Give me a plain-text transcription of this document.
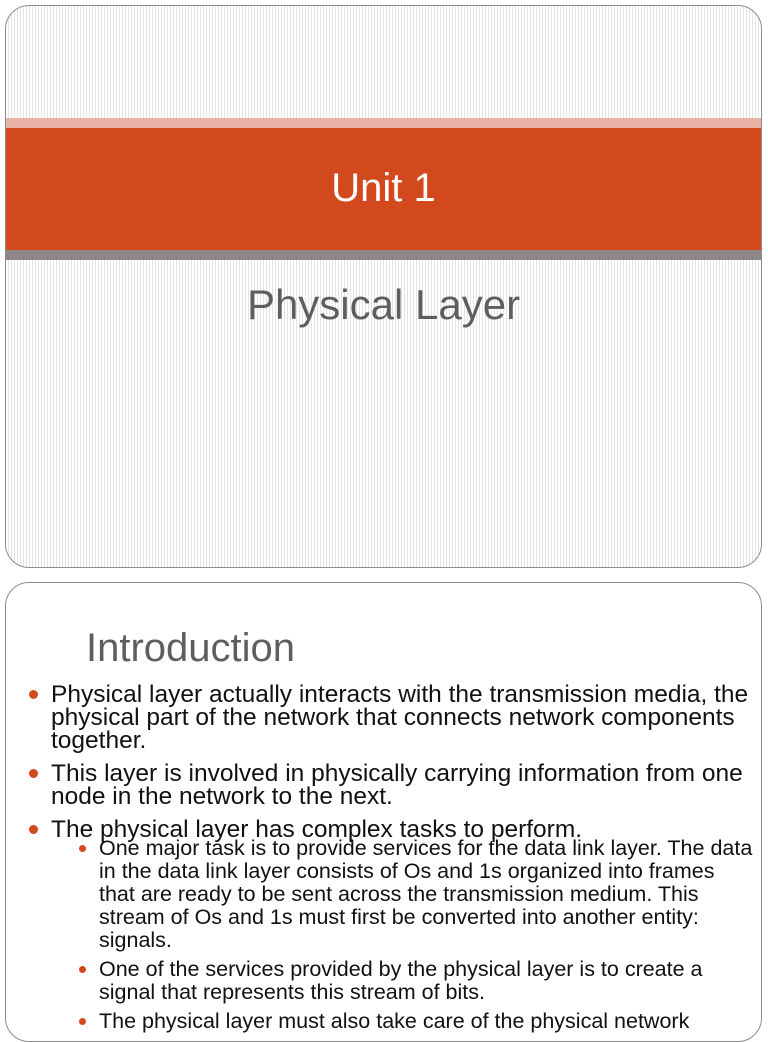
Unit 1
Physical Layer
Introduction
Physical layer actually interacts with the transmission media, the physical part of the network that connects network components together.
This layer is involved in physically carrying information from one node in the network to the next.
The physical layer has complex tasks to perform.
One major task is to provide services for the data link layer. The data in the data link layer consists of Os and 1s organized into frames that are ready to be sent across the transmission medium. This stream of Os and 1s must first be converted into another entity: signals.
One of the services provided by the physical layer is to create a signal that represents this stream of bits.
The physical layer must also take care of the physical network
